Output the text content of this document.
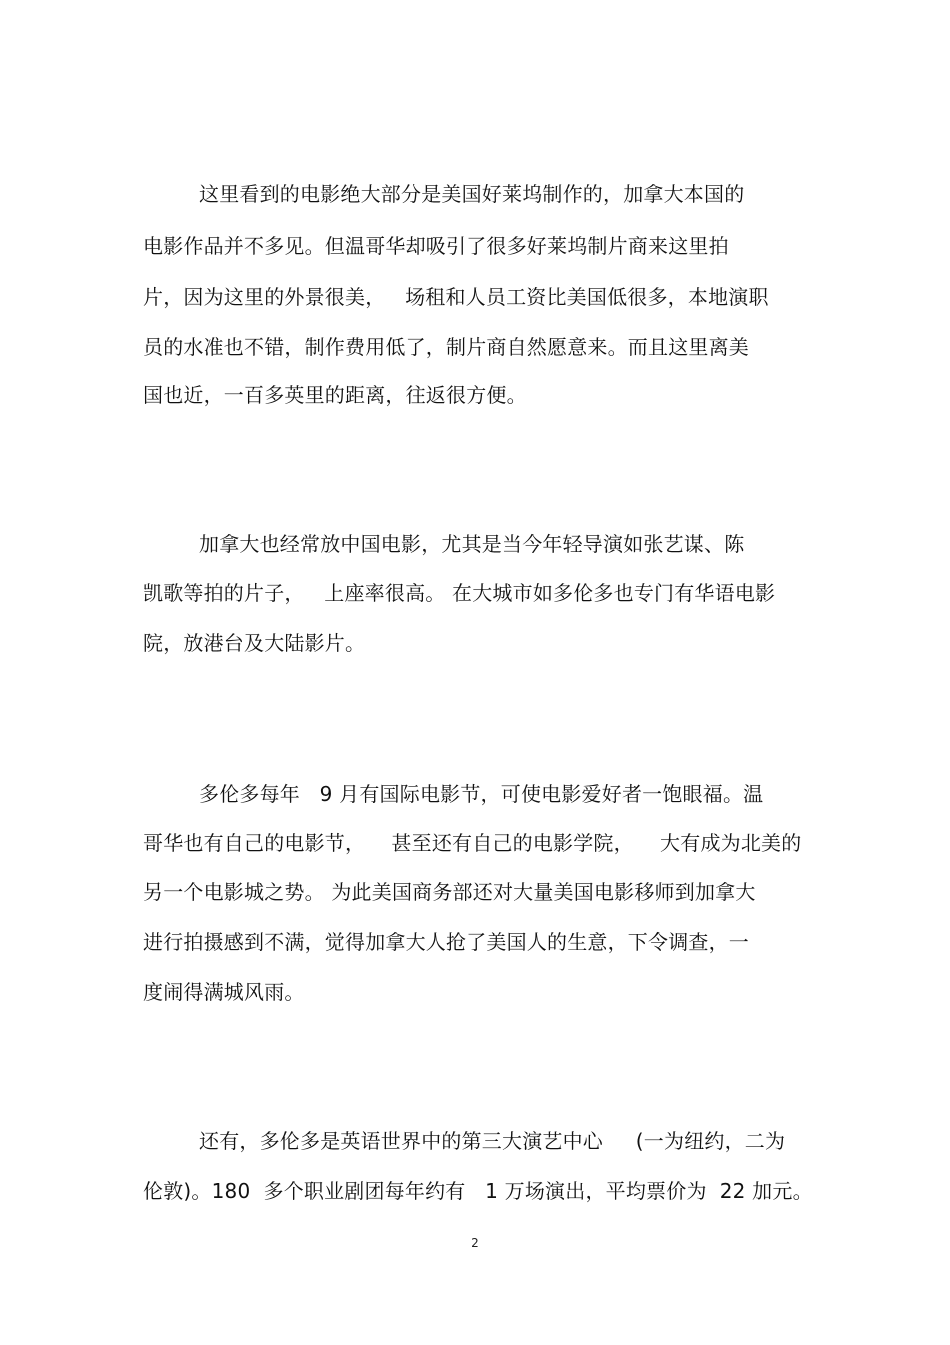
这里看到的电影绝大部分是美国好莱坞制作的，加拿大本国的
电影作品并不多见。但温哥华却吸引了很多好莱坞制片商来这里拍
片，因为这里的外景很美，   场租和人员工资比美国低很多，本地演职
员的水准也不错，制作费用低了，制片商自然愿意来。而且这里离美
国也近，一百多英里的距离，往返很方便。
加拿大也经常放中国电影，尤其是当今年轻导演如张艺谋、陈
凯歌等拍的片子，   上座率很高。 在大城市如多伦多也专门有华语电影
院，放港台及大陆影片。
多伦多每年   9 月有国际电影节，可使电影爱好者一饱眼福。温
哥华也有自己的电影节，    甚至还有自己的电影学院，    大有成为北美的
另一个电影城之势。 为此美国商务部还对大量美国电影移师到加拿大
进行拍摄感到不满，觉得加拿大人抢了美国人的生意，下令调查，一
度闹得满城风雨。
还有，多伦多是英语世界中的第三大演艺中心     (一为纽约，二为
伦敦)。180  多个职业剧团每年约有   1 万场演出，平均票价为  22 加元。
2
